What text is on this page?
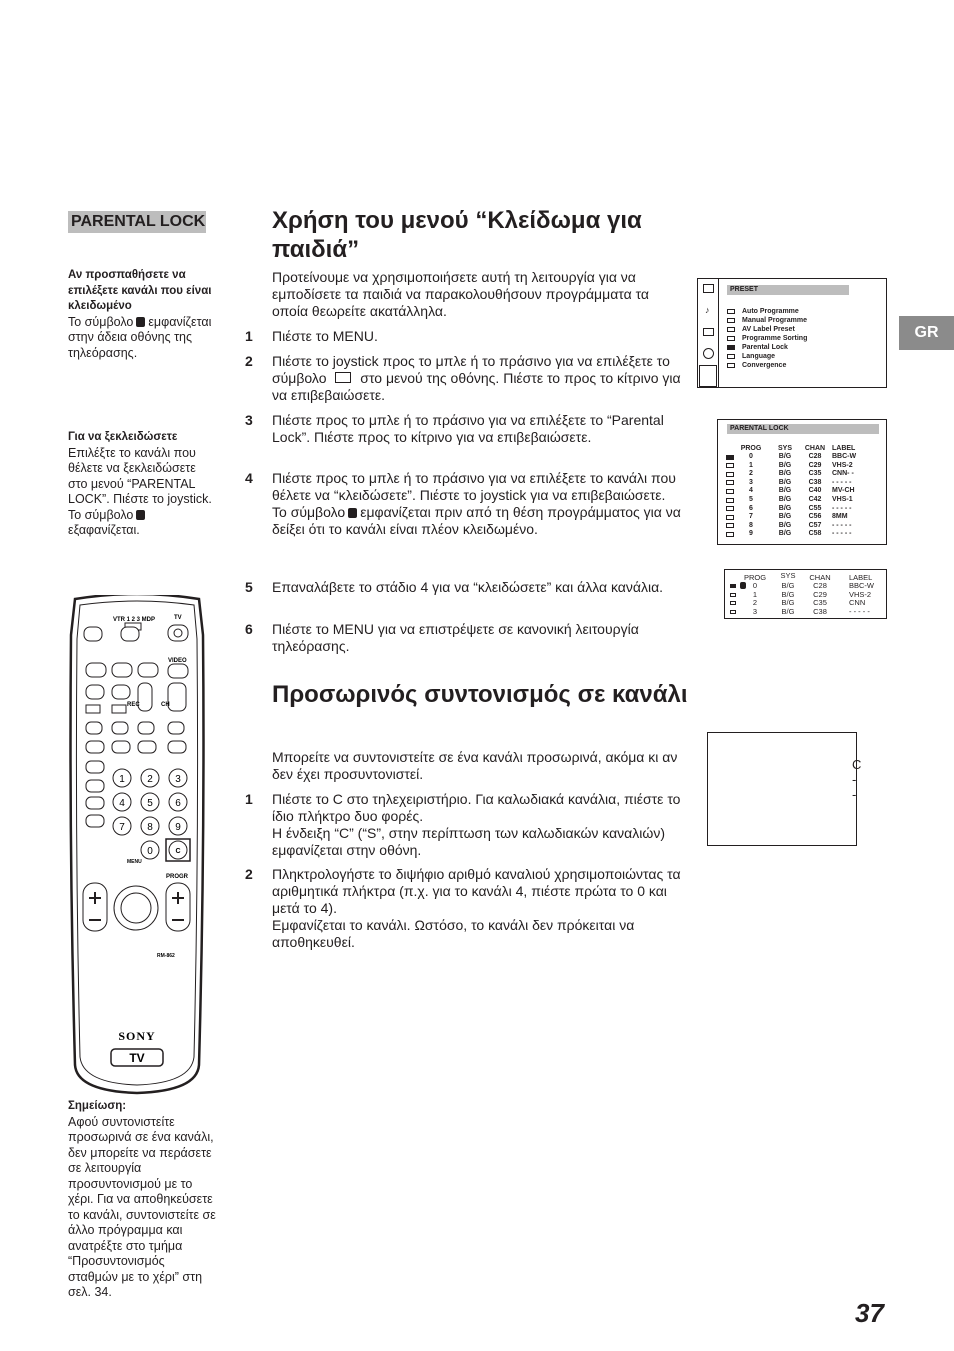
PARENTAL LOCK
Αν προσπαθήσετε να επιλέξετε κανάλι που είναι κλειδωμένο
Το σύμβολο εμφανίζεται στην άδεια οθόνης της τηλεόρασης.
Για να ξεκλειδώσετε
Επιλέξτε το κανάλι που θέλετε να ξεκλειδώσετε στο μενού “PARENTAL LOCK”. Πιέστε το joystick. Το σύμβολοεξαφανίζεται.
VTR 1 2 3 MDP	TV
VIDEO
REC	CH
1 2 3
4 5 6
7 8 9
0	C
MENU
PROGR
RM-862
SONY
TV
Σημείωση:
Αφού συντονιστείτε προσωρινά σε ένα κανάλι, δεν μπορείτε να περάσετε σε λειτουργία προσυντονισμού με το χέρι. Για να αποθηκεύσετε το κανάλι, συντονιστείτε σε άλλο πρόγραμμα και ανατρέξτε στο τμήμα “Προσυντονισμός σταθμών με το χέρι” στη σελ. 34.
Χρήση του μενού “Κλείδωμα για παιδιά”
Προτείνουμε να χρησιμοποιήσετε αυτή τη λειτουργία για να εμποδίσετε τα παιδιά να παρακολουθήσουν προγράμματα τα οποία θεωρείτε ακατάλληλα.
1 Πιέστε το MENU.
2 Πιέστε το joystick προς το μπλε ή το πράσινο για να επιλέξετε το σύμβολο στο μενού της οθόνης. Πιέστε το προς το κίτρινο για να επιβεβαιώσετε.
3 Πιέστε προς το μπλε ή το πράσινο για να επιλέξετε το “Parental Lock”. Πιέστε προς το κίτρινο για να επιβεβαιώσετε.
4 Πιέστε προς το μπλε ή το πράσινο για να επιλέξετε το κανάλι που θέλετε να “κλειδώσετε”. Πιέστε το joystick για να επιβεβαιώσετε.
Το σύμβολο εμφανίζεται πριν από τη θέση προγράμματος για να δείξει ότι το κανάλι είναι πλέον κλειδωμένο.
5 Επαναλάβετε το στάδιο 4 για να “κλειδώσετε” και άλλα κανάλια.
6 Πιέστε το MENU για να επιστρέψετε σε κανονική λειτουργία τηλεόρασης.
Προσωρινός συντονισμός σε κανάλι
Μπορείτε να συντονιστείτε σε ένα κανάλι προσωρινά, ακόμα κι αν δεν έχει προσυντονιστεί.
1 Πιέστε το C στο τηλεχειριστήριο. Για καλωδιακά κανάλια, πιέστε το ίδιο πλήκτρο δυο φορές.
Η ένδειξη “C” (“S”, στην περίπτωση των καλωδιακών καναλιών) εμφανίζεται στην οθόνη.
2 Πληκτρολογήστε το διψήφιο αριθμό καναλιού χρησιμοποιώντας τα αριθμητικά πλήκτρα (π.χ. για το κανάλι 4, πιέστε πρώτα το 0 και μετά το 4).
Εμφανίζεται το κανάλι. Ωστόσο, το κανάλι δεν πρόκειται να αποθηκευθεί.
♪
PRESET
Auto Programme
Manual Programme
AV Label Preset
Programme Sorting
Parental Lock
Language
Convergence
PARENTAL LOCK
PROG	SYS	CHAN LABEL
0	B/G	C28	BBC-W
1	B/G	C29	VHS-2
2	B/G	C35	CNN- -
3	B/G	C38	- - - - -
4	B/G	C40	MV-CH
5	B/G	C42	VHS-1
6	B/G	C55	- - - - -
7	B/G	C56	8MM
8	B/G	C57	- - - - -
9	B/G	C58	- - - - -
PROG	SYS	CHAN LABEL
0	B/G	C28	BBC-W
1	B/G	C29	VHS-2
2	B/G	C35	CNN
3	B/G	C38	- - - - -
C - -
GR
37
